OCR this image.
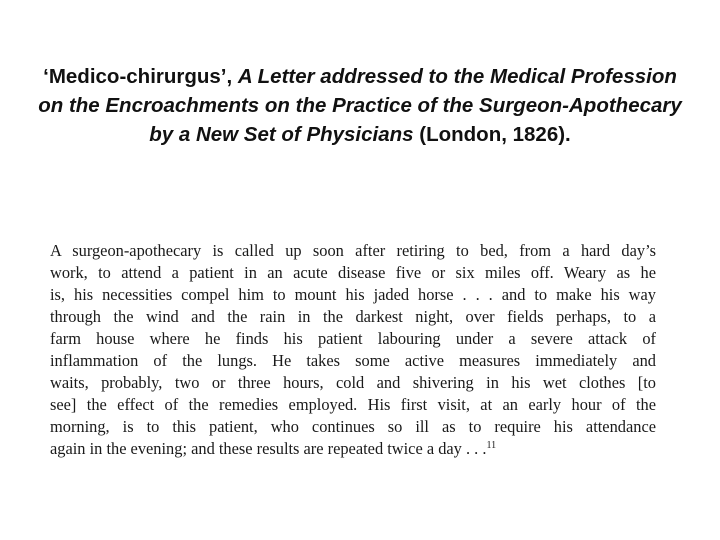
‘Medico-chirurgus’, A Letter addressed to the Medical Profession on the Encroachments on the Practice of the Surgeon-Apothecary by a New Set of Physicians (London, 1826).
A surgeon-apothecary is called up soon after retiring to bed, from a hard day’s
work, to attend a patient in an acute disease five or six miles off. Weary as he
is, his necessities compel him to mount his jaded horse . . . and to make his way
through the wind and the rain in the darkest night, over fields perhaps, to a
farm house where he finds his patient labouring under a severe attack of
inflammation of the lungs. He takes some active measures immediately and
waits, probably, two or three hours, cold and shivering in his wet clothes [to
see] the effect of the remedies employed. His first visit, at an early hour of the
morning, is to this patient, who continues so ill as to require his attendance
again in the evening; and these results are repeated twice a day . . .$^{11}$
